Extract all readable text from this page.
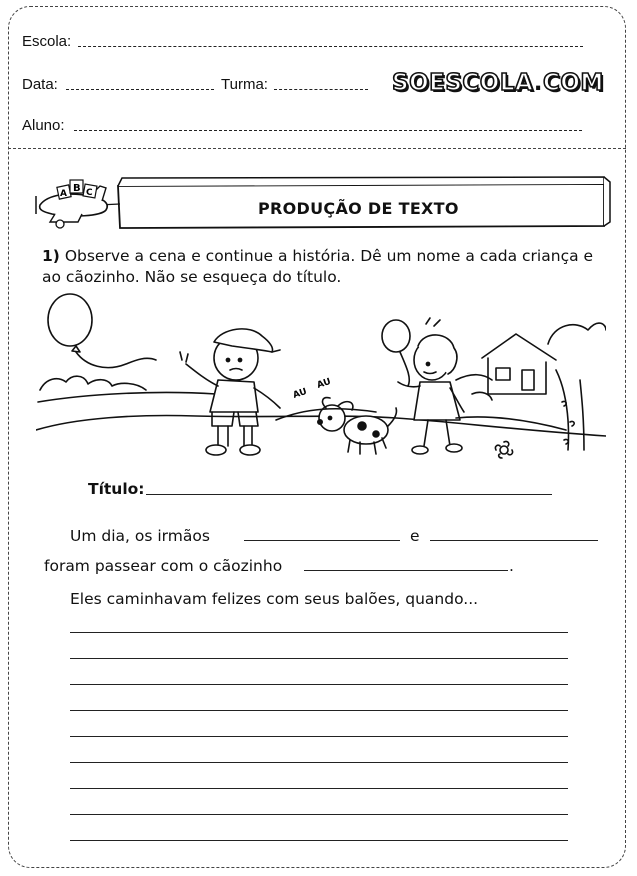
Escola:
Data:	Turma:	SOESCOLA.COM
Aluno:
A B C
PRODUÇÃO DE TEXTO
1) Observe a cena e continue a história. Dê um nome a cada criança e ao cãozinho. Não se esqueça do título.
AU
AU
Título:
Um dia, os irmãos	e
foram passear com o cãozinho	.
Eles caminhavam felizes com seus balões, quando...
